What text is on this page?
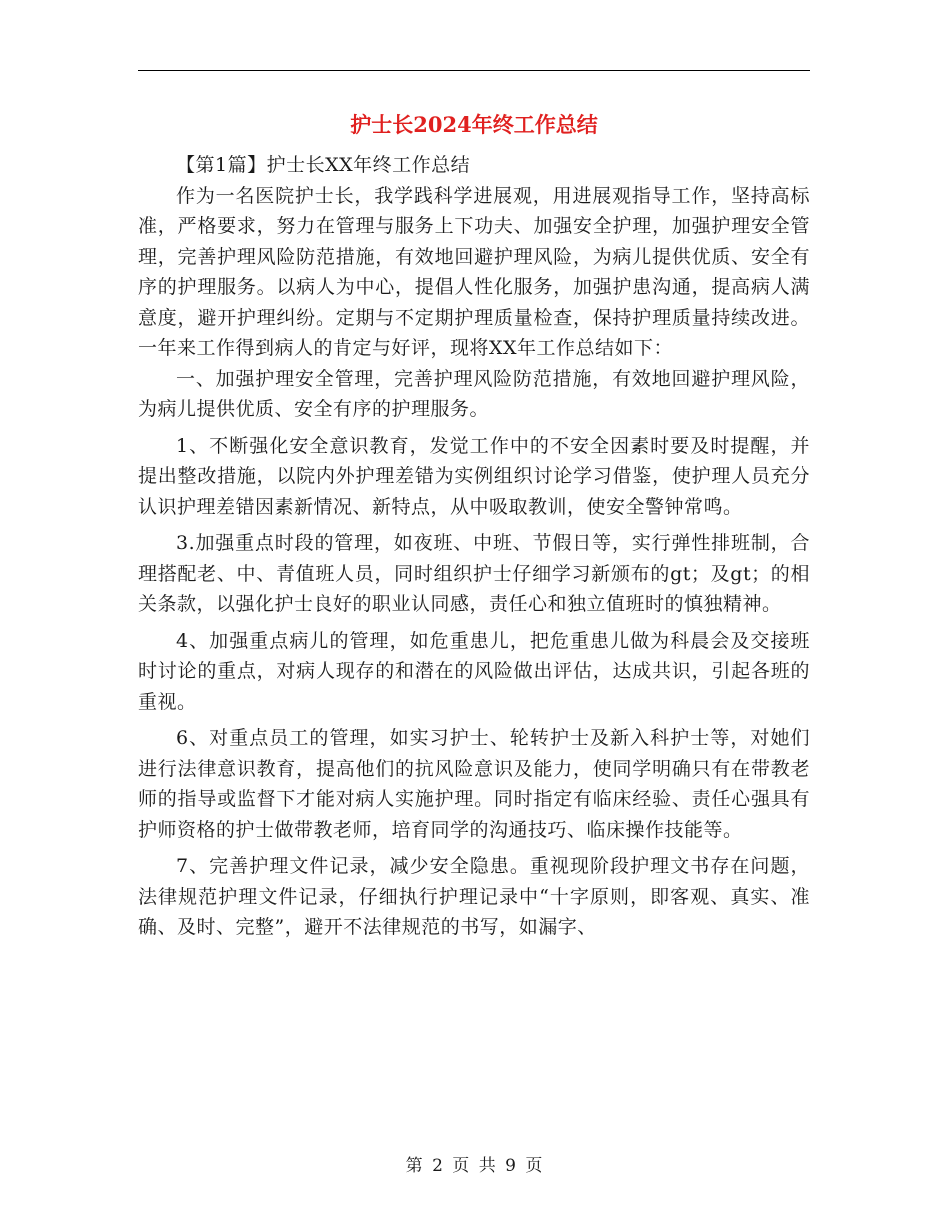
护士长2024年终工作总结

【第1篇】护士长XX年终工作总结

作为一名医院护士长，我学践科学进展观，用进展观指导工作，坚持高标准，严格要求，努力在管理与服务上下功夫、加强安全护理，加强护理安全管理，完善护理风险防范措施，有效地回避护理风险，为病儿提供优质、安全有序的护理服务。以病人为中心，提倡人性化服务，加强护患沟通，提高病人满意度，避开护理纠纷。定期与不定期护理质量检查，保持护理质量持续改进。一年来工作得到病人的肯定与好评，现将XX年工作总结如下：

一、加强护理安全管理，完善护理风险防范措施，有效地回避护理风险，为病儿提供优质、安全有序的护理服务。

1、不断强化安全意识教育，发觉工作中的不安全因素时要及时提醒，并提出整改措施，以院内外护理差错为实例组织讨论学习借鉴，使护理人员充分认识护理差错因素新情况、新特点，从中吸取教训，使安全警钟常鸣。

3.加强重点时段的管理，如夜班、中班、节假日等，实行弹性排班制，合理搭配老、中、青值班人员，同时组织护士仔细学习新颁布的gt；及gt；的相关条款，以强化护士良好的职业认同感，责任心和独立值班时的慎独精神。

4、加强重点病儿的管理，如危重患儿，把危重患儿做为科晨会及交接班时讨论的重点，对病人现存的和潜在的风险做出评估，达成共识，引起各班的重视。

6、对重点员工的管理，如实习护士、轮转护士及新入科护士等，对她们进行法律意识教育，提高他们的抗风险意识及能力，使同学明确只有在带教老师的指导或监督下才能对病人实施护理。同时指定有临床经验、责任心强具有护师资格的护士做带教老师，培育同学的沟通技巧、临床操作技能等。

7、完善护理文件记录，减少安全隐患。重视现阶段护理文书存在问题，法律规范护理文件记录，仔细执行护理记录中“十字原则，即客观、真实、准确、及时、完整”，避开不法律规范的书写，如漏字、

第 2 页 共 9 页
